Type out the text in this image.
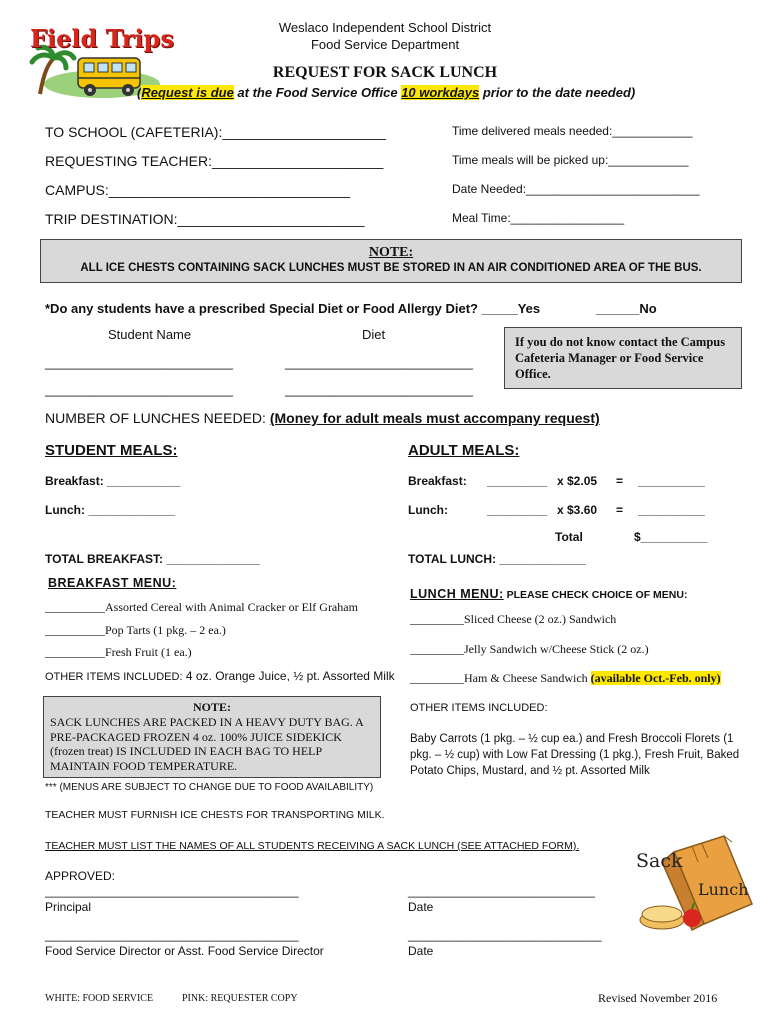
Field Trips	Weslaco Independent School District
Food Service Department
REQUEST FOR SACK LUNCH
(Request is due at the Food Service Office 10 workdays prior to the date needed)
TO SCHOOL (CAFETERIA):_____________________
REQUESTING TEACHER:______________________
CAMPUS:_______________________________
TRIP DESTINATION:________________________
Time delivered meals needed:____________
Time meals will be picked up:____________
Date Needed:__________________________
Meal Time:_________________
NOTE:
ALL ICE CHESTS CONTAINING SACK LUNCHES MUST BE STORED IN AN AIR CONDITIONED AREA OF THE BUS.
*Do any students have a prescribed Special Diet or Food Allergy Diet? _____Yes	______No
Student Name	Diet
__________________________	__________________________
__________________________	__________________________
If you do not know contact the Campus Cafeteria Manager or Food Service Office.
NUMBER OF LUNCHES NEEDED: (Money for adult meals must accompany request)
STUDENT MEALS:
Breakfast: ___________
Lunch: _____________
TOTAL BREAKFAST: ______________
ADULT MEALS:
Breakfast: _________ x $2.05 = __________
Lunch:	_________ x $3.60 = __________
Total	$__________
TOTAL LUNCH: _____________
BREAKFAST MENU:
__________Assorted Cereal with Animal Cracker or Elf Graham
__________Pop Tarts (1 pkg. – 2 ea.)
__________Fresh Fruit (1 ea.)
OTHER ITEMS INCLUDED: 4 oz. Orange Juice, ½ pt. Assorted Milk
NOTE:
SACK LUNCHES ARE PACKED IN A HEAVY DUTY BAG. A PRE-PACKAGED FROZEN 4 oz. 100% JUICE SIDEKICK (frozen treat) IS INCLUDED IN EACH BAG TO HELP MAINTAIN FOOD TEMPERATURE.
LUNCH MENU: PLEASE CHECK CHOICE OF MENU:
_________Sliced Cheese (2 oz.) Sandwich
_________Jelly Sandwich w/Cheese Stick (2 oz.)
_________Ham & Cheese Sandwich (available Oct.-Feb. only)
OTHER ITEMS INCLUDED:
Baby Carrots (1 pkg. – ½ cup ea.) and Fresh Broccoli Florets (1 pkg. – ½ cup) with Low Fat Dressing (1 pkg.), Fresh Fruit, Baked Potato Chips, Mustard, and ½ pt. Assorted Milk
*** (MENUS ARE SUBJECT TO CHANGE DUE TO FOOD AVAILABILITY)
TEACHER MUST FURNISH ICE CHESTS FOR TRANSPORTING MILK.
TEACHER MUST LIST THE NAMES OF ALL STUDENTS RECEIVING A SACK LUNCH (SEE ATTACHED FORM).
APPROVED:
______________________________________
Principal
____________________________
Date
______________________________________
Food Service Director or Asst. Food Service Director
_____________________________
Date
Sack
Lunch
WHITE: FOOD SERVICE	PINK: REQUESTER COPY	Revised November 2016
